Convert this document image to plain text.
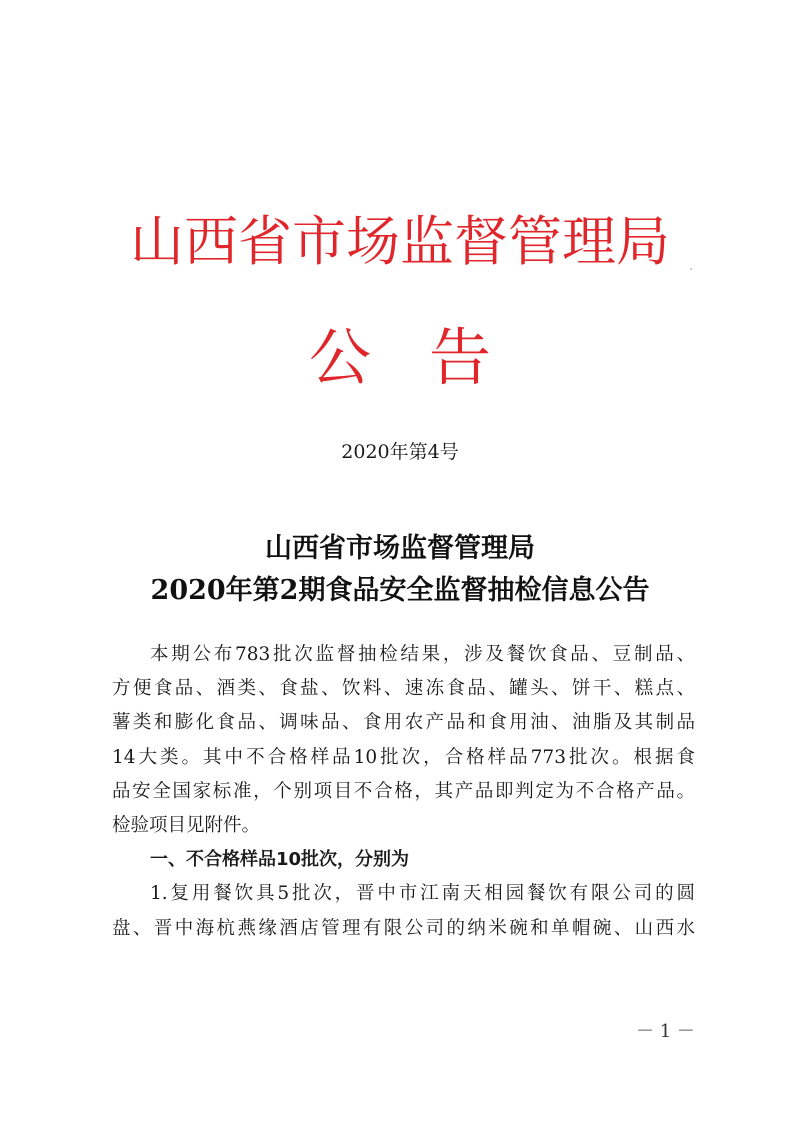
山西省市场监督管理局
公告
2020年第4号
山西省市场监督管理局
2020年第2期食品安全监督抽检信息公告
本期公布783批次监督抽检结果，涉及餐饮食品、豆制品、
方便食品、酒类、食盐、饮料、速冻食品、罐头、饼干、糕点、
薯类和膨化食品、调味品、食用农产品和食用油、油脂及其制品
14大类。其中不合格样品10批次，合格样品773批次。根据食
品安全国家标准，个别项目不合格，其产品即判定为不合格产品。
检验项目见附件。
一、不合格样品10批次，分别为
1.复用餐饮具5批次，晋中市江南天相园餐饮有限公司的圆
盘、晋中海杭燕缘酒店管理有限公司的纳米碗和单帽碗、山西水
－ 1 －
